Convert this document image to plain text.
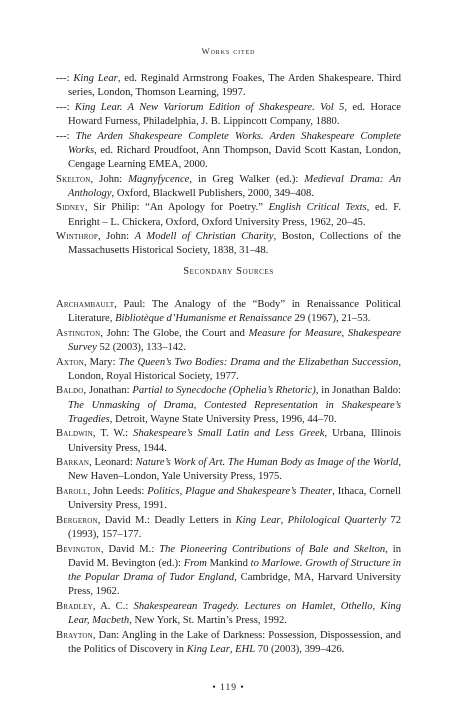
Works cited

---: King Lear, ed. Reginald Armstrong Foakes, The Arden Shakespeare. Third series, London, Thomson Learning, 1997.

---: King Lear. A New Variorum Edition of Shakespeare. Vol 5, ed. Horace Howard Furness, Philadelphia, J. B. Lippincott Company, 1880.

---: The Arden Shakespeare Complete Works. Arden Shakespeare Complete Works, ed. Richard Proudfoot, Ann Thompson, David Scott Kastan, London, Cengage Learning EMEA, 2000.

Skelton, John: Magnyfycence, in Greg Walker (ed.): Medieval Drama: An Anthology, Oxford, Blackwell Publishers, 2000, 349–408.

Sidney, Sir Philip: “An Apology for Poetry.” English Critical Texts, ed. F. Enright – L. Chickera, Oxford, Oxford University Press, 1962, 20–45.

Winthrop, John: A Modell of Christian Charity, Boston, Collections of the Massachusetts Historical Society, 1838, 31–48.

Secondary Sources

Archambault, Paul: The Analogy of the “Body” in Renaissance Political Literature, Bibliotèque d’Humanisme et Renaissance 29 (1967), 21–53.

Astington, John: The Globe, the Court and Measure for Measure, Shakespeare Survey 52 (2003), 133–142.

Axton, Mary: The Queen’s Two Bodies: Drama and the Elizabethan Succession, London, Royal Historical Society, 1977.

Baldo, Jonathan: Partial to Synecdoche (Ophelia’s Rhetoric), in Jonathan Baldo: The Unmasking of Drama, Contested Representation in Shakespeare’s Tragedies, Detroit, Wayne State University Press, 1996, 44–70.

Baldwin, T. W.: Shakespeare’s Small Latin and Less Greek, Urbana, Illinois University Press, 1944.

Barkan, Leonard: Nature’s Work of Art. The Human Body as Image of the World, New Haven–London, Yale University Press, 1975.

Baroll, John Leeds: Politics, Plague and Shakespeare’s Theater, Ithaca, Cornell University Press, 1991.

Bergeron, David M.: Deadly Letters in King Lear, Philological Quarterly 72 (1993), 157–177.

Bevington, David M.: The Pioneering Contributions of Bale and Skelton, in David M. Bevington (ed.): From Mankind to Marlowe. Growth of Structure in the Popular Drama of Tudor England, Cambridge, MA, Harvard University Press, 1962.

Bradley, A. C.: Shakespearean Tragedy. Lectures on Hamlet, Othello, King Lear, Macbeth, New York, St. Martin’s Press, 1992.

Brayton, Dan: Angling in the Lake of Darkness: Possession, Dispossession, and the Politics of Discovery in King Lear, EHL 70 (2003), 399–426.

• 119 •
